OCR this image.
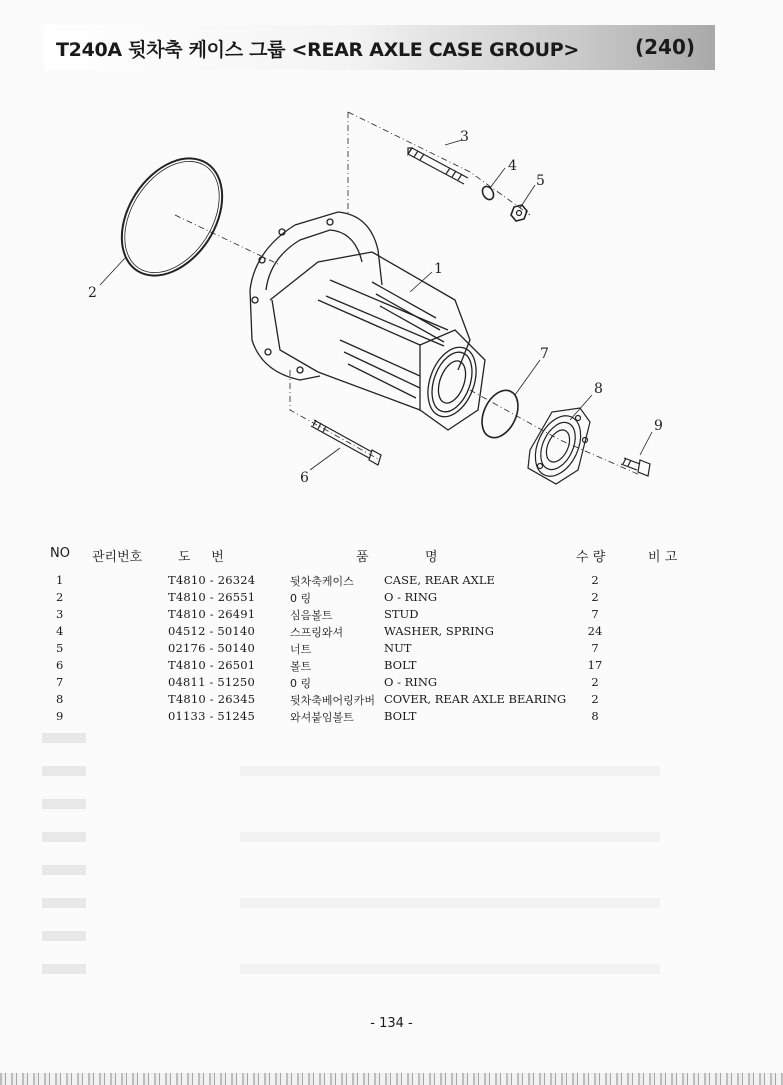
T240A 뒷차축 케이스 그룹 <REAR AXLE CASE GROUP>	(240)
1
2
3
4
5
6
7
8
9
NO 관리번호	도     번	품	명	수 량	비 고
1	T4810 - 26324	뒷차축케이스	CASE, REAR AXLE	2
2	T4810 - 26551	0 링	O - RING	2
3	T4810 - 26491	심음볼트	STUD	7
4	04512 - 50140	스프링와셔	WASHER, SPRING	24
5	02176 - 50140	너트	NUT	7
6	T4810 - 26501	볼트	BOLT	17
7	04811 - 51250	0 링	O - RING	2
8	T4810 - 26345	뒷차축베어링카버 COVER, REAR AXLE BEARING	2
9	01133 - 51245	와셔붙임볼트	BOLT	8
- 134 -
